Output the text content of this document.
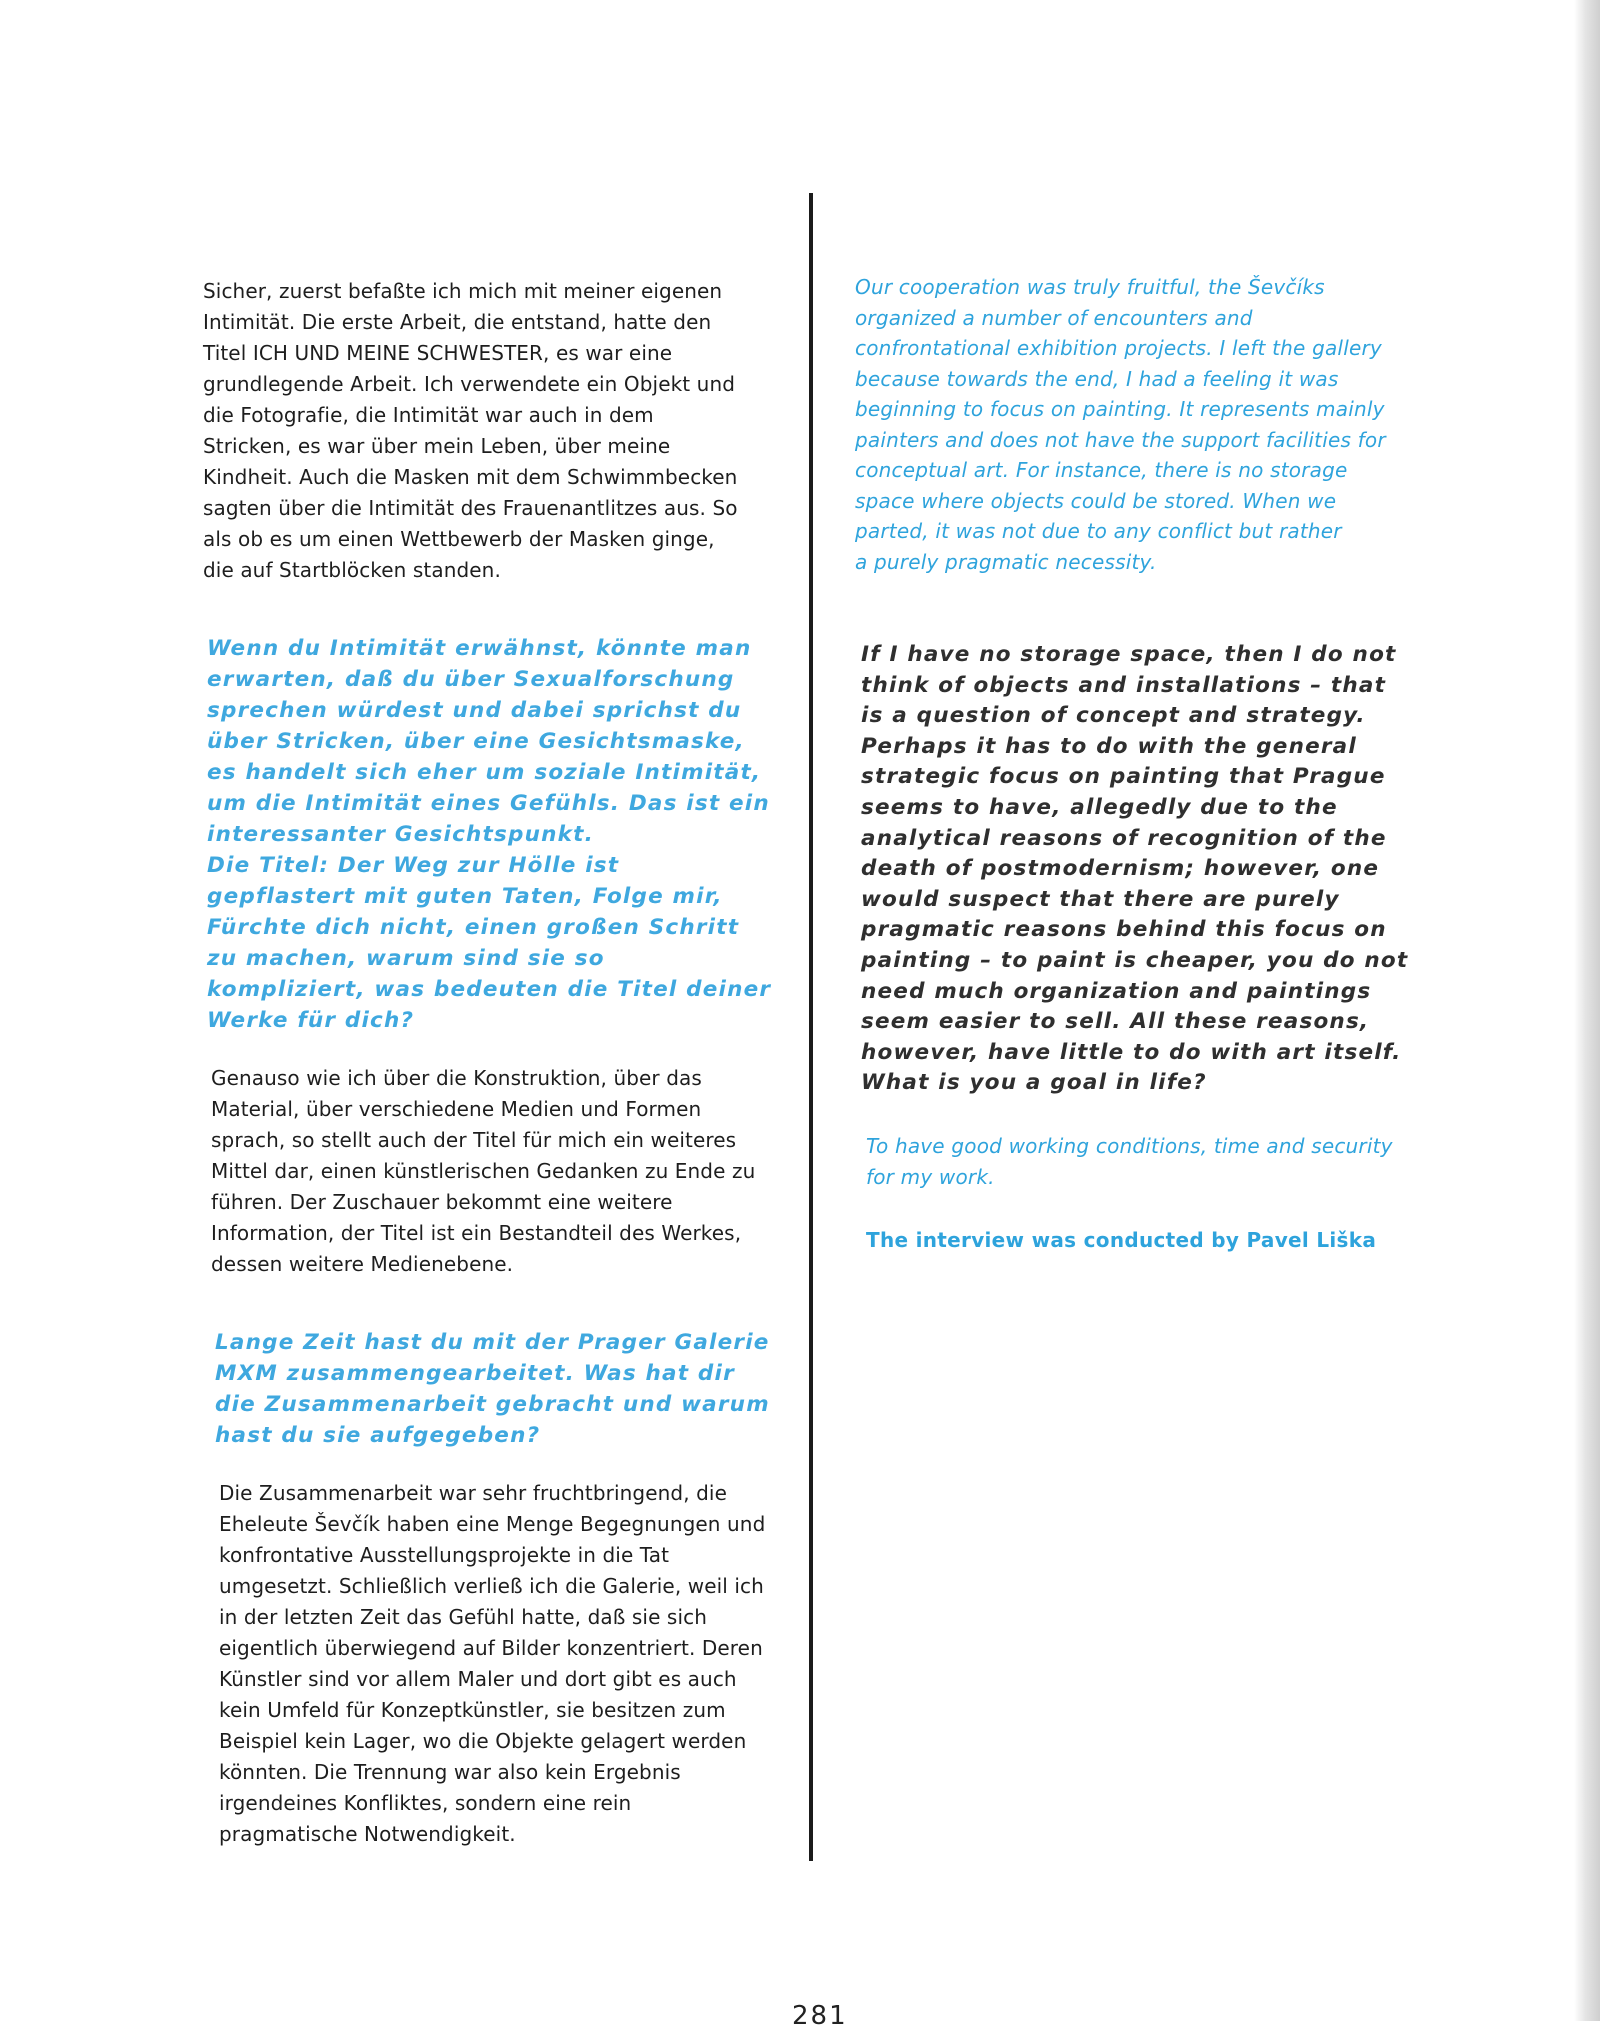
Sicher, zuerst befaßte ich mich mit meiner eigenen
Intimität. Die erste Arbeit, die entstand, hatte den
Titel ICH UND MEINE SCHWESTER, es war eine
grundlegende Arbeit. Ich verwendete ein Objekt und
die Fotografie, die Intimität war auch in dem
Stricken, es war über mein Leben, über meine
Kindheit. Auch die Masken mit dem Schwimmbecken
sagten über die Intimität des Frauenantlitzes aus. So
als ob es um einen Wettbewerb der Masken ginge,
die auf Startblöcken standen.
Wenn du Intimität erwähnst, könnte man
erwarten, daß du über Sexualforschung
sprechen würdest und dabei sprichst du
über Stricken, über eine Gesichtsmaske,
es handelt sich eher um soziale Intimität,
um die Intimität eines Gefühls. Das ist ein
interessanter Gesichtspunkt.
Die Titel: Der Weg zur Hölle ist
gepflastert mit guten Taten, Folge mir,
Fürchte dich nicht, einen großen Schritt
zu machen, warum sind sie so
kompliziert, was bedeuten die Titel deiner
Werke für dich?
Genauso wie ich über die Konstruktion, über das
Material, über verschiedene Medien und Formen
sprach, so stellt auch der Titel für mich ein weiteres
Mittel dar, einen künstlerischen Gedanken zu Ende zu
führen. Der Zuschauer bekommt eine weitere
Information, der Titel ist ein Bestandteil des Werkes,
dessen weitere Medienebene.
Lange Zeit hast du mit der Prager Galerie
MXM zusammengearbeitet. Was hat dir
die Zusammenarbeit gebracht und warum
hast du sie aufgegeben?
Die Zusammenarbeit war sehr fruchtbringend, die
Eheleute Ševčík haben eine Menge Begegnungen und
konfrontative Ausstellungsprojekte in die Tat
umgesetzt. Schließlich verließ ich die Galerie, weil ich
in der letzten Zeit das Gefühl hatte, daß sie sich
eigentlich überwiegend auf Bilder konzentriert. Deren
Künstler sind vor allem Maler und dort gibt es auch
kein Umfeld für Konzeptkünstler, sie besitzen zum
Beispiel kein Lager, wo die Objekte gelagert werden
könnten. Die Trennung war also kein Ergebnis
irgendeines Konfliktes, sondern eine rein
pragmatische Notwendigkeit.
Our cooperation was truly fruitful, the Ševčíks
organized a number of encounters and
confrontational exhibition projects. I left the gallery
because towards the end, I had a feeling it was
beginning to focus on painting. It represents mainly
painters and does not have the support facilities for
conceptual art. For instance, there is no storage
space where objects could be stored. When we
parted, it was not due to any conflict but rather
a purely pragmatic necessity.
If I have no storage space, then I do not
think of objects and installations – that
is a question of concept and strategy.
Perhaps it has to do with the general
strategic focus on painting that Prague
seems to have, allegedly due to the
analytical reasons of recognition of the
death of postmodernism; however, one
would suspect that there are purely
pragmatic reasons behind this focus on
painting – to paint is cheaper, you do not
need much organization and paintings
seem easier to sell. All these reasons,
however, have little to do with art itself.
What is you a goal in life?
To have good working conditions, time and security
for my work.
The interview was conducted by Pavel Liška
281
